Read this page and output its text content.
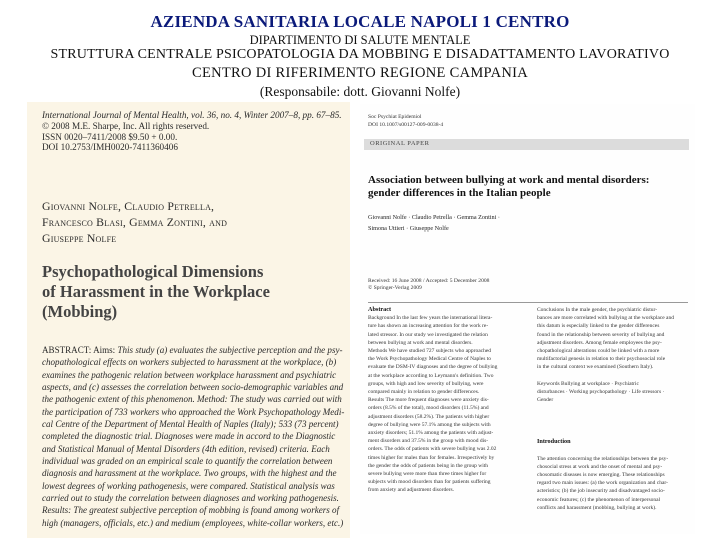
AZIENDA SANITARIA LOCALE NAPOLI 1 CENTRO
DIPARTIMENTO DI SALUTE MENTALE
STRUTTURA CENTRALE PSICOPATOLOGIA DA MOBBING E DISADATTAMENTO LAVORATIVO
CENTRO DI RIFERIMENTO REGIONE CAMPANIA
(Responsabile: dott. Giovanni Nolfe)
International Journal of Mental Health, vol. 36, no. 4, Winter 2007–8, pp. 67–85.
© 2008 M.E. Sharpe, Inc. All rights reserved.
ISSN 0020–7411/2008 $9.50 + 0.00.
DOI 10.2753/IMH0020-7411360406
Giovanni Nolfe, Claudio Petrella,
Francesco Blasi, Gemma Zontini, and
Giuseppe Nolfe
Psychopathological Dimensions
of Harassment in the Workplace
(Mobbing)
ABSTRACT: Aims: This study (a) evaluates the subjective perception and the psy-
chopathological effects on workers subjected to harassment at the workplace, (b)
examines the pathogenic relation between workplace harassment and psychiatric
aspects, and (c) assesses the correlation between socio-demographic variables and
the pathogenic extent of this phenomenon. Method: The study was carried out with
the participation of 733 workers who approached the Work Psychopathology Medi-
cal Centre of the Department of Mental Health of Naples (Italy); 533 (73 percent)
completed the diagnostic trial. Diagnoses were made in accord to the Diagnostic
and Statistical Manual of Mental Disorders (4th edition, revised) criteria. Each
individual was graded on an empirical scale to quantify the correlation between
diagnosis and harassment at the workplace. Two groups, with the highest and the
lowest degrees of working pathogenesis, were compared. Statistical analysis was
carried out to study the correlation between diagnoses and working pathogenesis.
Results: The greatest subjective perception of mobbing is found among workers of
high (managers, officials, etc.) and medium (employees, white-collar workers, etc.)
Soc Psychiat Epidemiol
DOI 10.1007/s00127-009-0038-4
ORIGINAL PAPER
Association between bullying at work and mental disorders:
gender differences in the Italian people
Giovanni Nolfe · Claudio Petrella · Gemma Zontini ·
Simona Uttieri · Giuseppe Nolfe
Received: 16 June 2008 / Accepted: 5 December 2008
© Springer-Verlag 2009
Abstract
Background In the last few years the international litera-
ture has shown an increasing attention for the work re-
lated stressor. In our study we investigated the relation
between bullying at work and mental disorders.
Methods We have studied 727 subjects who approached
the Work Psychopathology Medical Centre of Naples to
evaluate the DSM-IV diagnoses and the degree of bullying
at the workplace according to Leymann's definition. Two
groups, with high and low severity of bullying, were
compared mainly in relation to gender differences.
Results The more frequent diagnoses were anxiety dis-
orders (8.5% of the total), mood disorders (11.5%) and
adjustment disorders (58.2%). The patients with higher
degree of bullying were 57.1% among the subjects with
anxiety disorders; 51.1% among the patients with adjust-
ment disorders and 37.5% in the group with mood dis-
orders. The odds of patients with severe bullying was 2.02
times higher for males than for females. Irrespectively by
the gender the odds of patients being in the group with
severe bullying were more than three times higher for
subjects with mood disorders than for patients suffering
from anxiety and adjustment disorders.
Conclusions In the male gender, the psychiatric distur-
bances are more correlated with bullying at the workplace and
this datum is especially linked to the gender differences
found in the relationship between severity of bullying and
adjustment disorders. Among female employees the psy-
chopathological alterations could be linked with a more
multifactorial genesis in relation to their psychosocial role
in the cultural context we examined (Southern Italy).
Keywords Bullying at workplace · Psychiatric
disturbances · Working psychopathology · Life stressors ·
Gender
Introduction
The attention concerning the relationships between the psy-
chosocial stress at work and the onset of mental and psy-
chosomatic diseases is now emerging. These relationships
regard two main issues: (a) the work organization and char-
acteristics; (b) the job insecurity and disadvantaged socio-
economic features; (c) the phenomenon of interpersonal
conflicts and harassment (mobbing, bullying at work).
